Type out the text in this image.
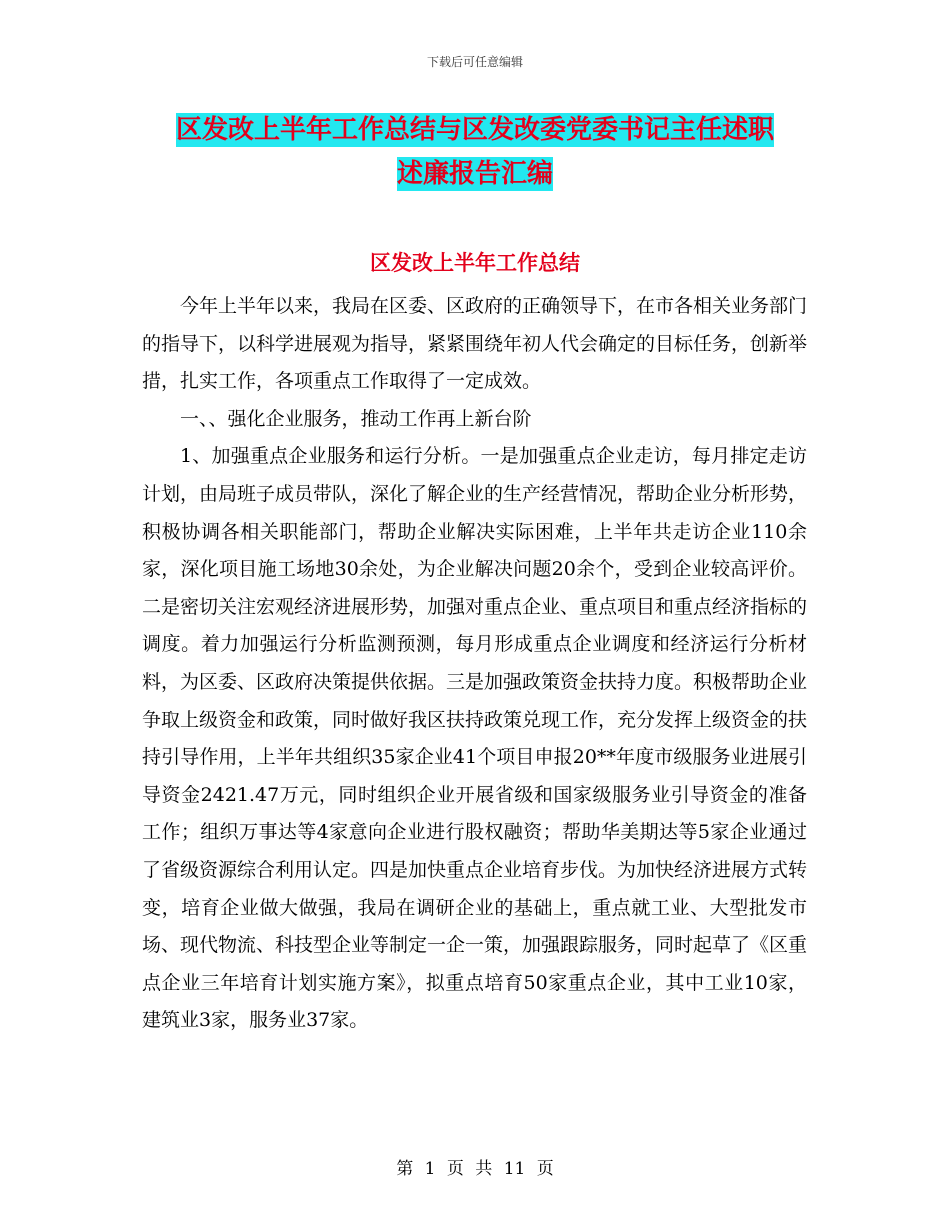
下载后可任意编辑
区发改上半年工作总结与区发改委党委书记主任述职
述廉报告汇编
区发改上半年工作总结

今年上半年以来，我局在区委、区政府的正确领导下，在市各相关业务部门的指导下，以科学进展观为指导，紧紧围绕年初人代会确定的目标任务，创新举措，扎实工作，各项重点工作取得了一定成效。

一、、强化企业服务，推动工作再上新台阶

1、加强重点企业服务和运行分析。一是加强重点企业走访，每月排定走访计划，由局班子成员带队，深化了解企业的生产经营情况，帮助企业分析形势，积极协调各相关职能部门，帮助企业解决实际困难，上半年共走访企业110余家，深化项目施工场地30余处，为企业解决问题20余个，受到企业较高评价。二是密切关注宏观经济进展形势，加强对重点企业、重点项目和重点经济指标的调度。着力加强运行分析监测预测，每月形成重点企业调度和经济运行分析材料，为区委、区政府决策提供依据。三是加强政策资金扶持力度。积极帮助企业争取上级资金和政策，同时做好我区扶持政策兑现工作，充分发挥上级资金的扶持引导作用，上半年共组织35家企业41个项目申报20**年度市级服务业进展引导资金2421.47万元，同时组织企业开展省级和国家级服务业引导资金的准备工作；组织万事达等4家意向企业进行股权融资；帮助华美期达等5家企业通过了省级资源综合利用认定。四是加快重点企业培育步伐。为加快经济进展方式转变，培育企业做大做强，我局在调研企业的基础上，重点就工业、大型批发市场、现代物流、科技型企业等制定一企一策，加强跟踪服务，同时起草了《区重点企业三年培育计划实施方案》，拟重点培育50家重点企业，其中工业10家，建筑业3家，服务业37家。

第 1 页 共 11 页
